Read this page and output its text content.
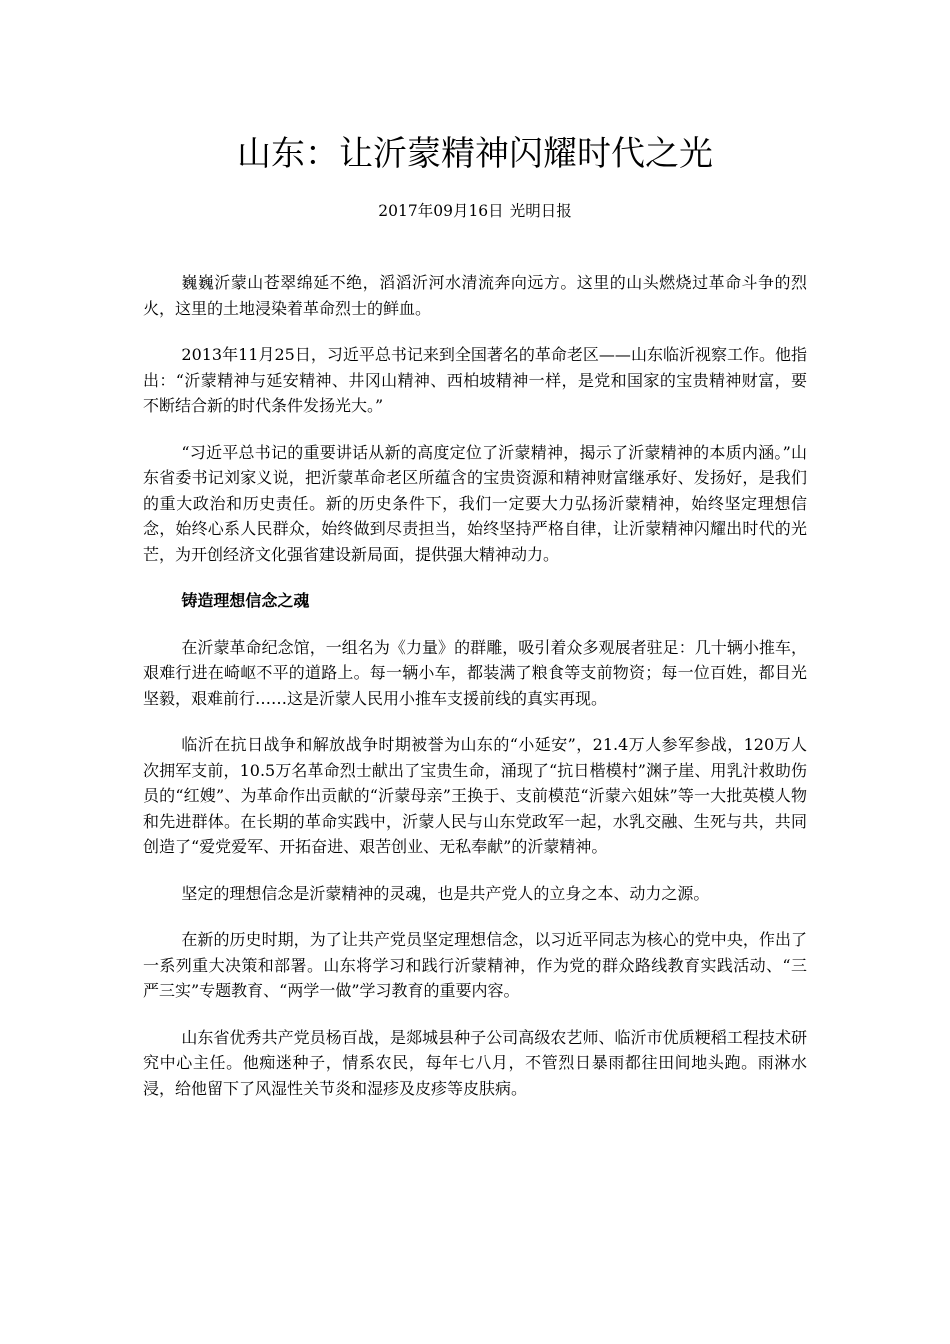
山东：让沂蒙精神闪耀时代之光
2017年09月16日 光明日报

巍巍沂蒙山苍翠绵延不绝，滔滔沂河水清流奔向远方。这里的山头燃烧过革命斗争的烈火，这里的土地浸染着革命烈士的鲜血。

2013年11月25日，习近平总书记来到全国著名的革命老区——山东临沂视察工作。他指出：“沂蒙精神与延安精神、井冈山精神、西柏坡精神一样，是党和国家的宝贵精神财富，要不断结合新的时代条件发扬光大。”

“习近平总书记的重要讲话从新的高度定位了沂蒙精神，揭示了沂蒙精神的本质内涵。”山东省委书记刘家义说，把沂蒙革命老区所蕴含的宝贵资源和精神财富继承好、发扬好，是我们的重大政治和历史责任。新的历史条件下，我们一定要大力弘扬沂蒙精神，始终坚定理想信念，始终心系人民群众，始终做到尽责担当，始终坚持严格自律，让沂蒙精神闪耀出时代的光芒，为开创经济文化强省建设新局面，提供强大精神动力。

铸造理想信念之魂

在沂蒙革命纪念馆，一组名为《力量》的群雕，吸引着众多观展者驻足：几十辆小推车，艰难行进在崎岖不平的道路上。每一辆小车，都装满了粮食等支前物资；每一位百姓，都目光坚毅，艰难前行……这是沂蒙人民用小推车支援前线的真实再现。

临沂在抗日战争和解放战争时期被誉为山东的“小延安”，21.4万人参军参战，120万人次拥军支前，10.5万名革命烈士献出了宝贵生命，涌现了“抗日楷模村”渊子崖、用乳汁救助伤员的“红嫂”、为革命作出贡献的“沂蒙母亲”王换于、支前模范“沂蒙六姐妹”等一大批英模人物和先进群体。在长期的革命实践中，沂蒙人民与山东党政军一起，水乳交融、生死与共，共同创造了“爱党爱军、开拓奋进、艰苦创业、无私奉献”的沂蒙精神。

坚定的理想信念是沂蒙精神的灵魂，也是共产党人的立身之本、动力之源。

在新的历史时期，为了让共产党员坚定理想信念，以习近平同志为核心的党中央，作出了一系列重大决策和部署。山东将学习和践行沂蒙精神，作为党的群众路线教育实践活动、“三严三实”专题教育、“两学一做”学习教育的重要内容。

山东省优秀共产党员杨百战，是郯城县种子公司高级农艺师、临沂市优质粳稻工程技术研究中心主任。他痴迷种子，情系农民，每年七八月，不管烈日暴雨都往田间地头跑。雨淋水浸，给他留下了风湿性关节炎和湿疹及皮疹等皮肤病。
